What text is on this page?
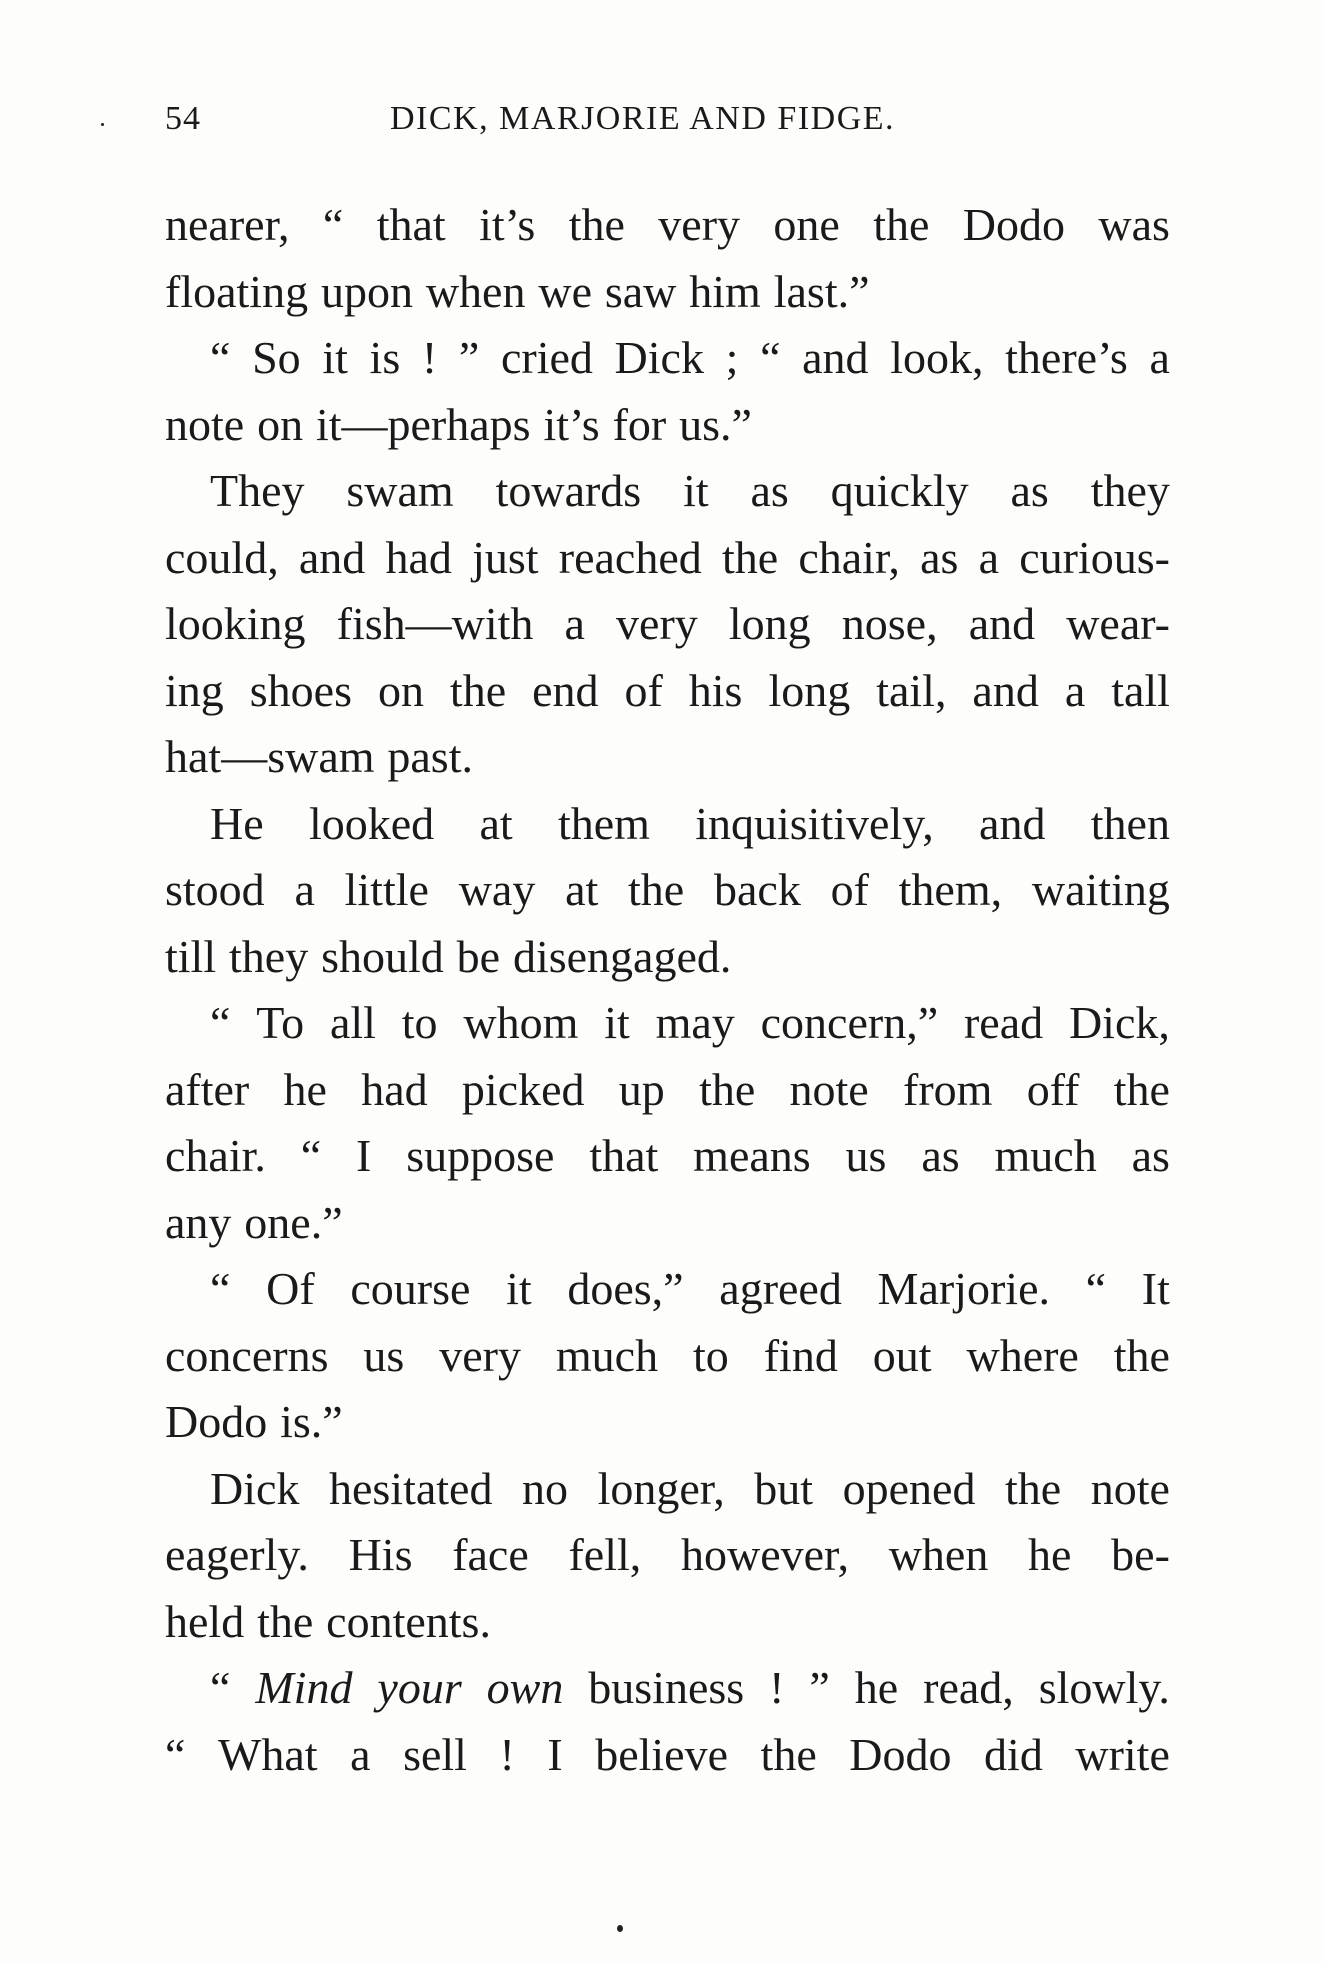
54	DICK, MARJORIE AND FIDGE.
nearer, “ that it’s the very one the Dodo was
floating upon when we saw him last.”
“ So it is ! ” cried Dick ; “ and look, there’s a
note on it—perhaps it’s for us.”
They swam towards it as quickly as they
could, and had just reached the chair, as a curious-
looking fish—with a very long nose, and wear-
ing shoes on the end of his long tail, and a tall
hat—swam past.
He looked at them inquisitively, and then
stood a little way at the back of them, waiting
till they should be disengaged.
“ To all to whom it may concern,” read Dick,
after he had picked up the note from off the
chair. “ I suppose that means us as much as
any one.”
“ Of course it does,” agreed Marjorie. “ It
concerns us very much to find out where the
Dodo is.”
Dick hesitated no longer, but opened the note
eagerly. His face fell, however, when he be-
held the contents.
“ Mind your own business ! ” he read, slowly.
“ What a sell ! I believe the Dodo did write
